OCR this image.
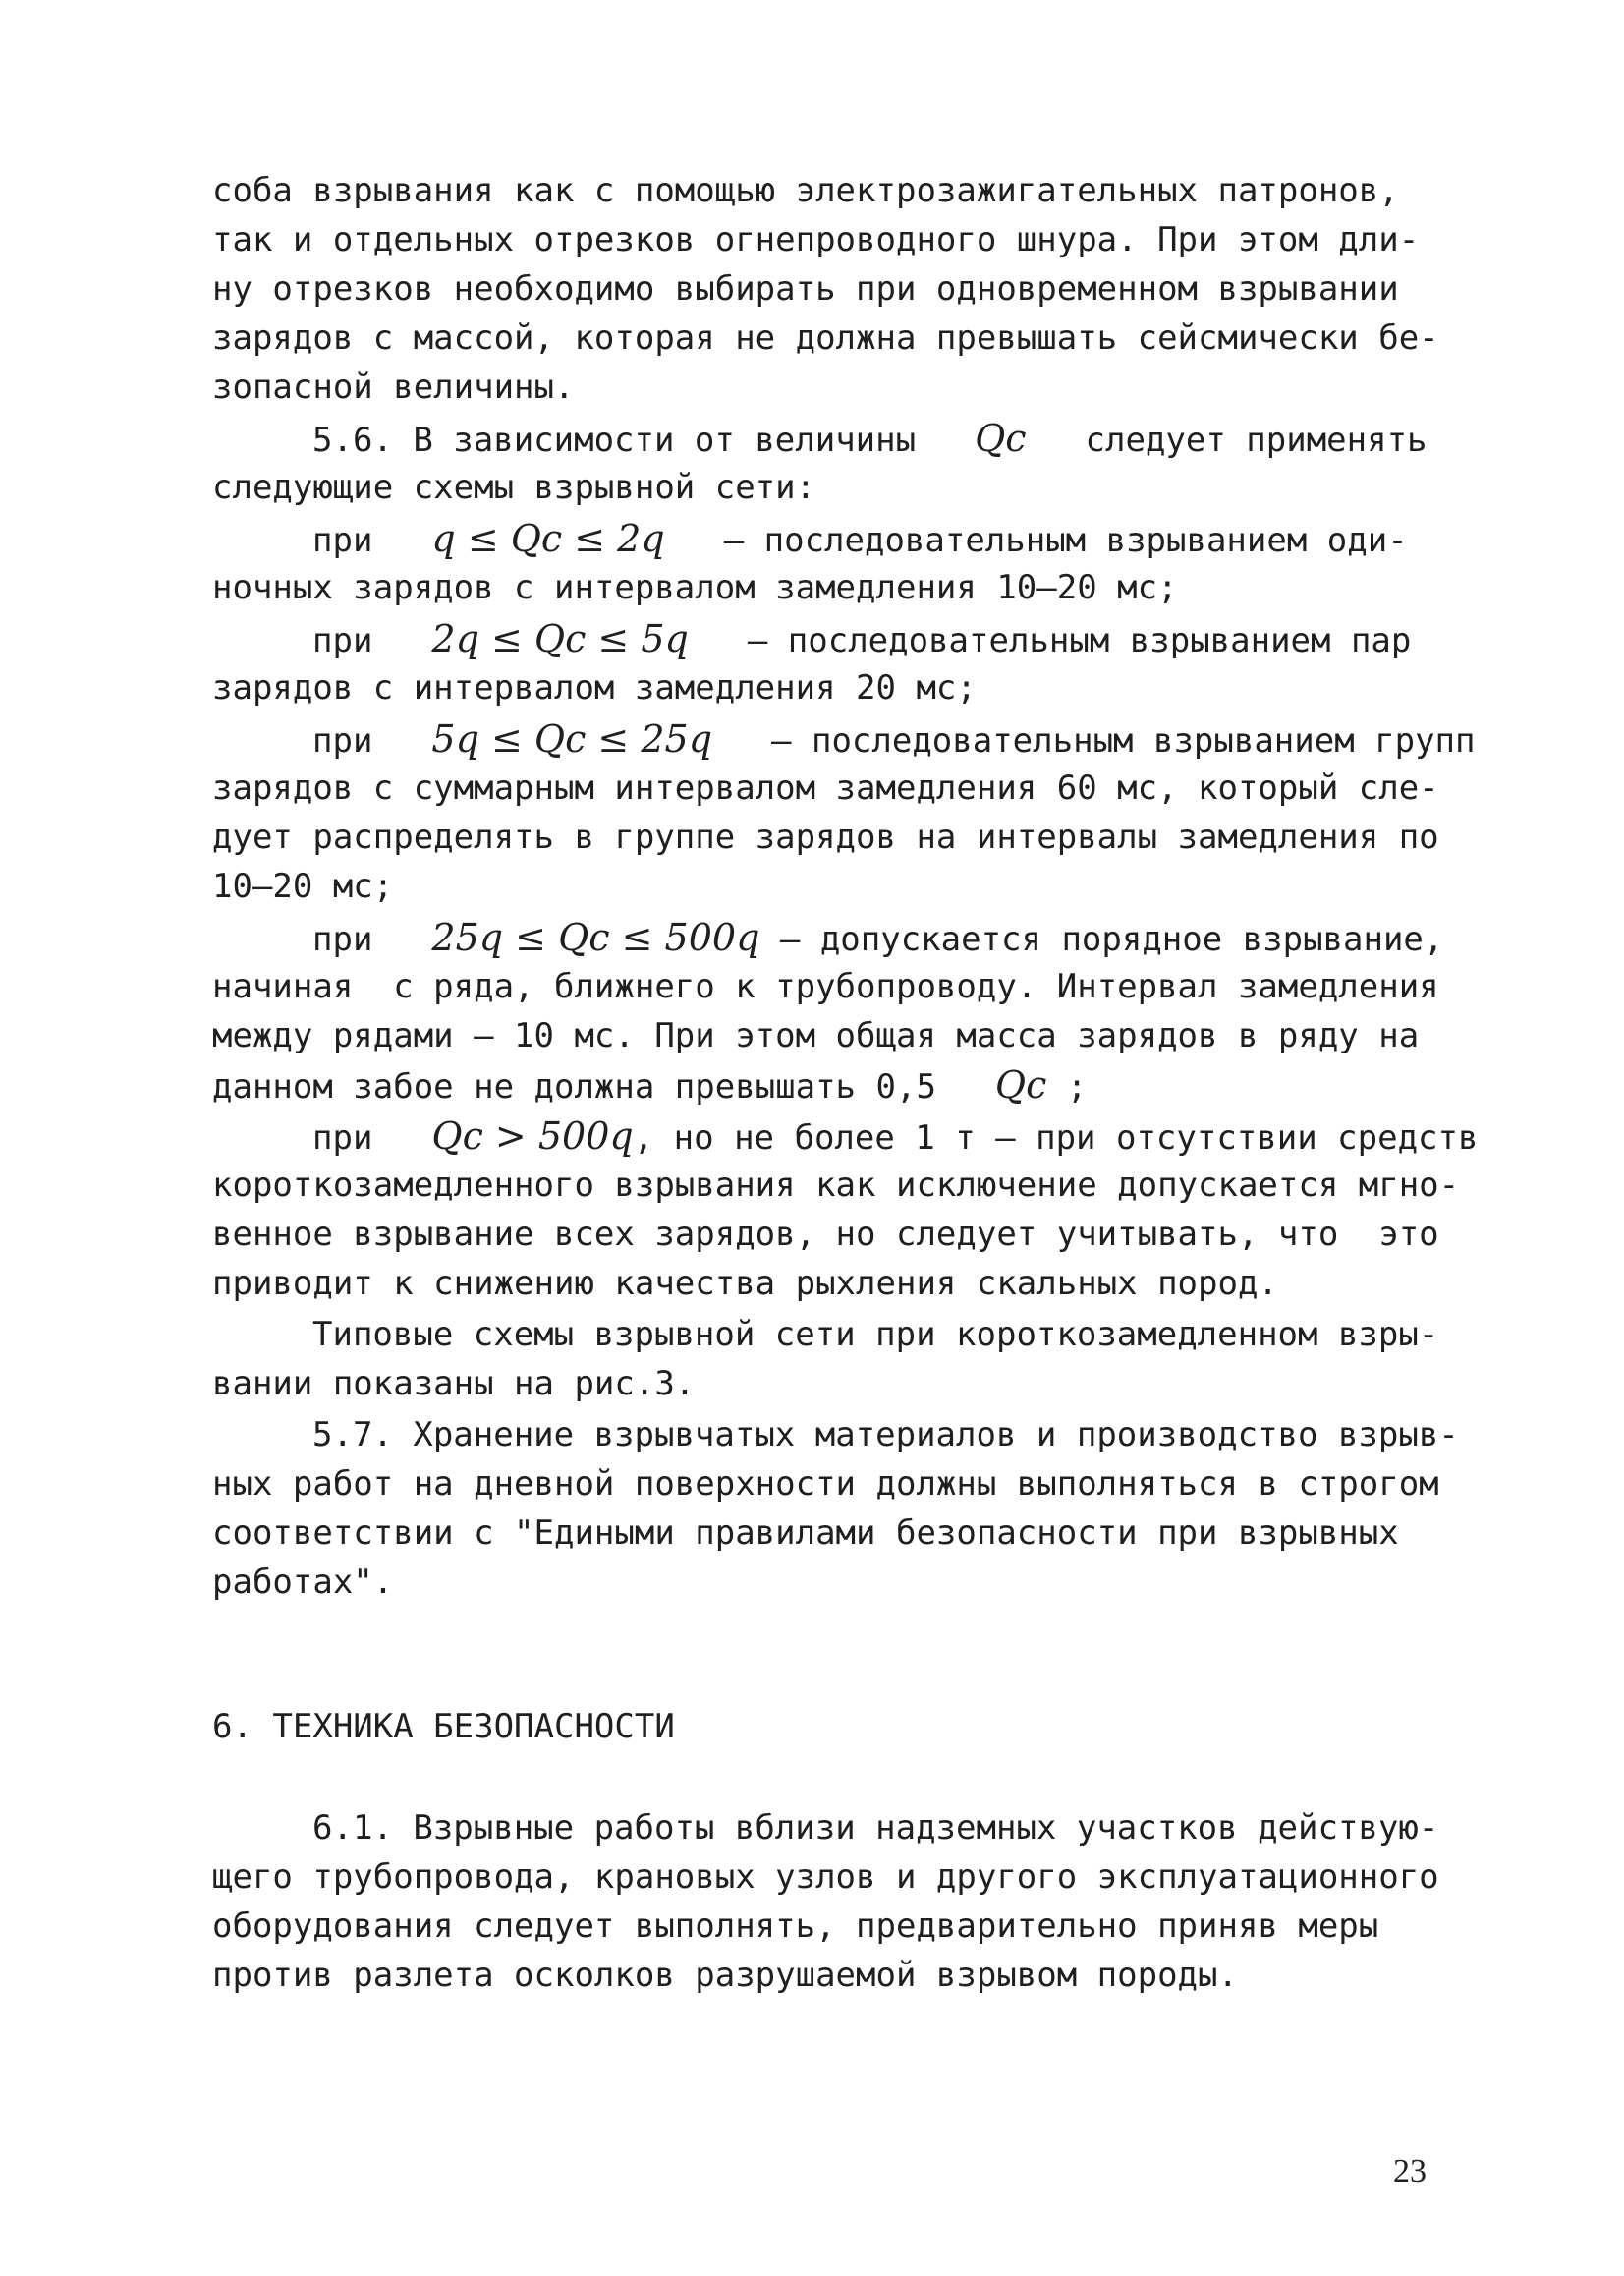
соба взрывания как с помощью электрозажигательных патронов,
так и отдельных отрезков огнепроводного шнура. При этом дли-
ну отрезков необходимо выбирать при одновременном взрывании
зарядов с массой, которая не должна превышать сейсмически бе-
зопасной величины.
5.6. В зависимости от величины Qc следует применять
следующие схемы взрывной сети:
при q ≤ Qc ≤ 2q – последовательным взрыванием оди-
ночных зарядов с интервалом замедления 10–20 мс;
при 2q ≤ Qc ≤ 5q – последовательным взрыванием пар
зарядов с интервалом замедления 20 мс;
при 5q ≤ Qc ≤ 25q – последовательным взрыванием групп
зарядов с суммарным интервалом замедления 60 мс, который сле-
дует распределять в группе зарядов на интервалы замедления по
10–20 мс;
при 25q ≤ Qc ≤ 500q – допускается порядное взрывание,
начиная  с ряда, ближнего к трубопроводу. Интервал замедления
между рядами – 10 мс. При этом общая масса зарядов в ряду на
данном забое не должна превышать 0,5 Qc ;
при Qc > 500q, но не более 1 т – при отсутствии средств
короткозамедленного взрывания как исключение допускается мгно-
венное взрывание всех зарядов, но следует учитывать, что  это
приводит к снижению качества рыхления скальных пород.
Типовые схемы взрывной сети при короткозамедленном взры-
вании показаны на рис.3.
5.7. Хранение взрывчатых материалов и производство взрыв-
ных работ на дневной поверхности должны выполняться в строгом
соответствии с "Едиными правилами безопасности при взрывных
работах".
6. ТЕХНИКА БЕЗОПАСНОСТИ
6.1. Взрывные работы вблизи надземных участков действую-
щего трубопровода, крановых узлов и другого эксплуатационного
оборудования следует выполнять, предварительно приняв меры
против разлета осколков разрушаемой взрывом породы.
23
